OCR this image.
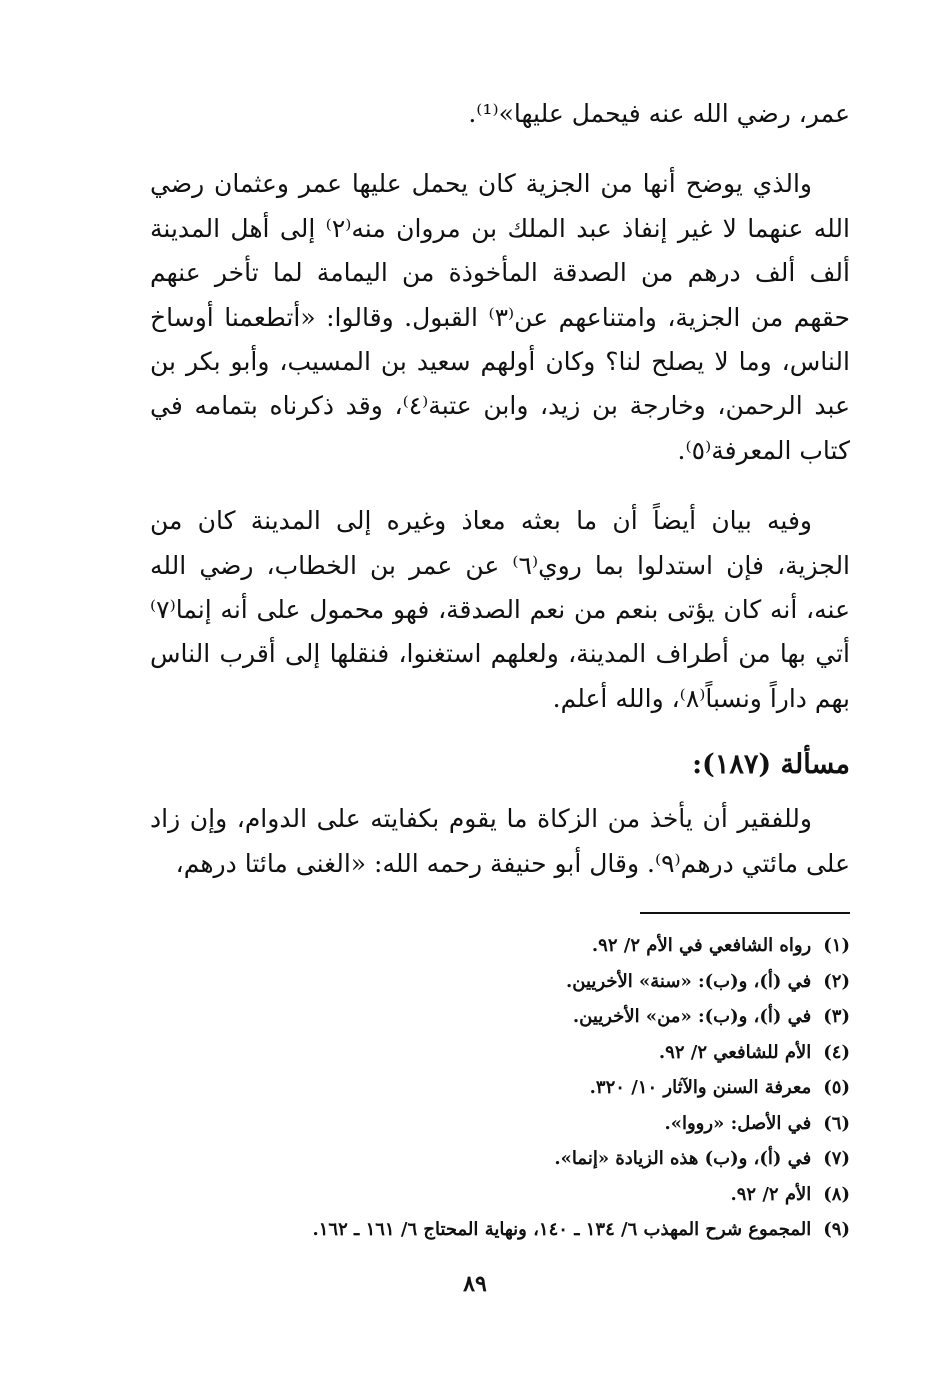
عمر، رضي الله عنه فيحمل عليها»⁽¹⁾.

والذي يوضح أنها من الجزية كان يحمل عليها عمر وعثمان رضي الله عنهما لا غير إنفاذ عبد الملك بن مروان منه⁽٢⁾ إلى أهل المدينة ألف ألف درهم من الصدقة المأخوذة من اليمامة لما تأخر عنهم حقهم من الجزية، وامتناعهم عن⁽٣⁾ القبول. وقالوا: «أتطعمنا أوساخ الناس، وما لا يصلح لنا؟ وكان أولهم سعيد بن المسيب، وأبو بكر بن عبد الرحمن، وخارجة بن زيد، وابن عتبة⁽٤⁾، وقد ذكرناه بتمامه في كتاب المعرفة⁽٥⁾.

وفيه بيان أيضاً أن ما بعثه معاذ وغيره إلى المدينة كان من الجزية، فإن استدلوا بما روي⁽٦⁾ عن عمر بن الخطاب، رضي الله عنه، أنه كان يؤتى بنعم من نعم الصدقة، فهو محمول على أنه إنما⁽٧⁾ أتي بها من أطراف المدينة، ولعلهم استغنوا، فنقلها إلى أقرب الناس بهم داراً ونسباً⁽٨⁾، والله أعلم.

مسألة (١٨٧):

وللفقير أن يأخذ من الزكاة ما يقوم بكفايته على الدوام، وإن زاد على مائتي درهم⁽٩⁾. وقال أبو حنيفة رحمه الله: «الغنى مائتا درهم،

(١)
رواه الشافعي في الأم ٢/ ٩٢.
(٢)
في (أ)، و(ب): «سنة» الأخريين.
(٣)
في (أ)، و(ب): «من» الأخريين.
(٤)
الأم للشافعي ٢/ ٩٢.
(٥)
معرفة السنن والآثار ١٠/ ٣٢٠.
(٦)
في الأصل: «رووا».
(٧)
في (أ)، و(ب) هذه الزيادة «إنما».
(٨)
الأم ٢/ ٩٢.
(٩)
المجموع شرح المهذب ٦/ ١٣٤ ـ ١٤٠، ونهاية المحتاج ٦/ ١٦١ ـ ١٦٢.
٨٩
